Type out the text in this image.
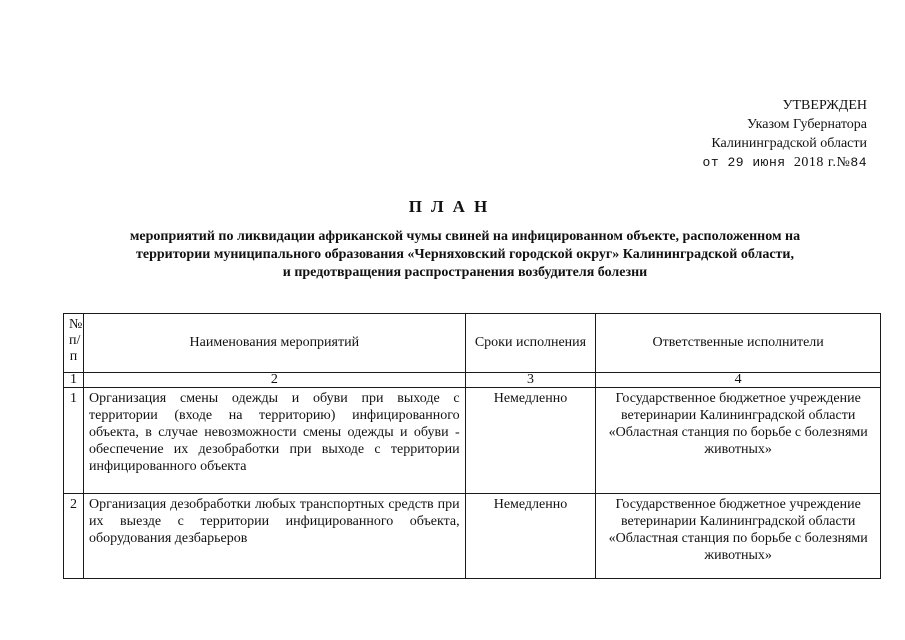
УТВЕРЖДЕН
Указом Губернатора
Калининградской области
от 29 июня 2018 г.№84
ПЛАН
мероприятий по ликвидации африканской чумы свиней на инфицированном объекте, расположенном на
территории муниципального образования «Черняховский городской округ» Калининградской области,
и предотвращения распространения возбудителя болезни
№ п/п	Наименования мероприятий	Сроки исполнения	Ответственные исполнители
1	2	3	4
1	Организация смены одежды и обуви при выходе с территории (входе на территорию) инфицированного объекта, в случае невозможности смены одежды и обуви - обеспечение их дезобработки при выходе с территории инфицированного объекта	Немедленно	Государственное бюджетное учреждение ветеринарии Калининградской области «Областная станция по борьбе с болезнями животных»
2	Организация дезобработки любых транспортных средств при их выезде с территории инфицированного объекта, оборудования дезбарьеров	Немедленно	Государственное бюджетное учреждение ветеринарии Калининградской области «Областная станция по борьбе с болезнями животных»
